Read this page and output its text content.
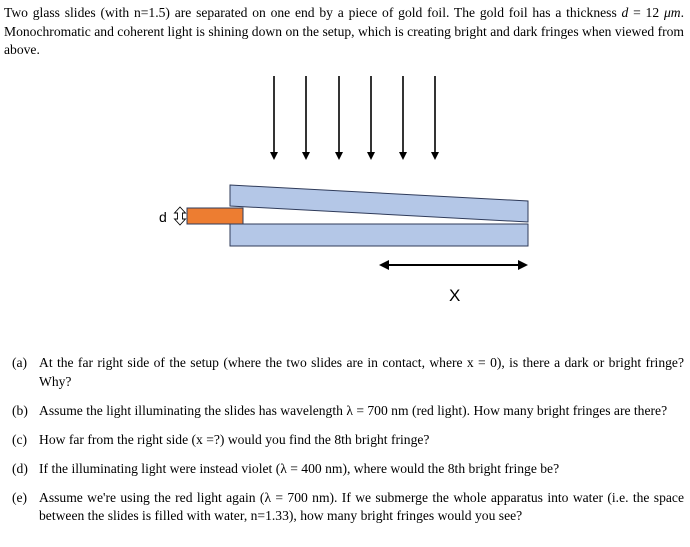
Two glass slides (with n=1.5) are separated on one end by a piece of gold foil. The gold foil has a thickness d = 12 μm. Monochromatic and coherent light is shining down on the setup, which is creating bright and dark fringes when viewed from above.
d
X
(a) At the far right side of the setup (where the two slides are in contact, where x = 0), is there a dark or bright fringe? Why?
(b) Assume the light illuminating the slides has wavelength λ = 700 nm (red light). How many bright fringes are there?
(c) How far from the right side (x =?) would you find the 8th bright fringe?
(d) If the illuminating light were instead violet (λ = 400 nm), where would the 8th bright fringe be?
(e) Assume we're using the red light again (λ = 700 nm). If we submerge the whole apparatus into water (i.e. the space between the slides is filled with water, n=1.33), how many bright fringes would you see?
